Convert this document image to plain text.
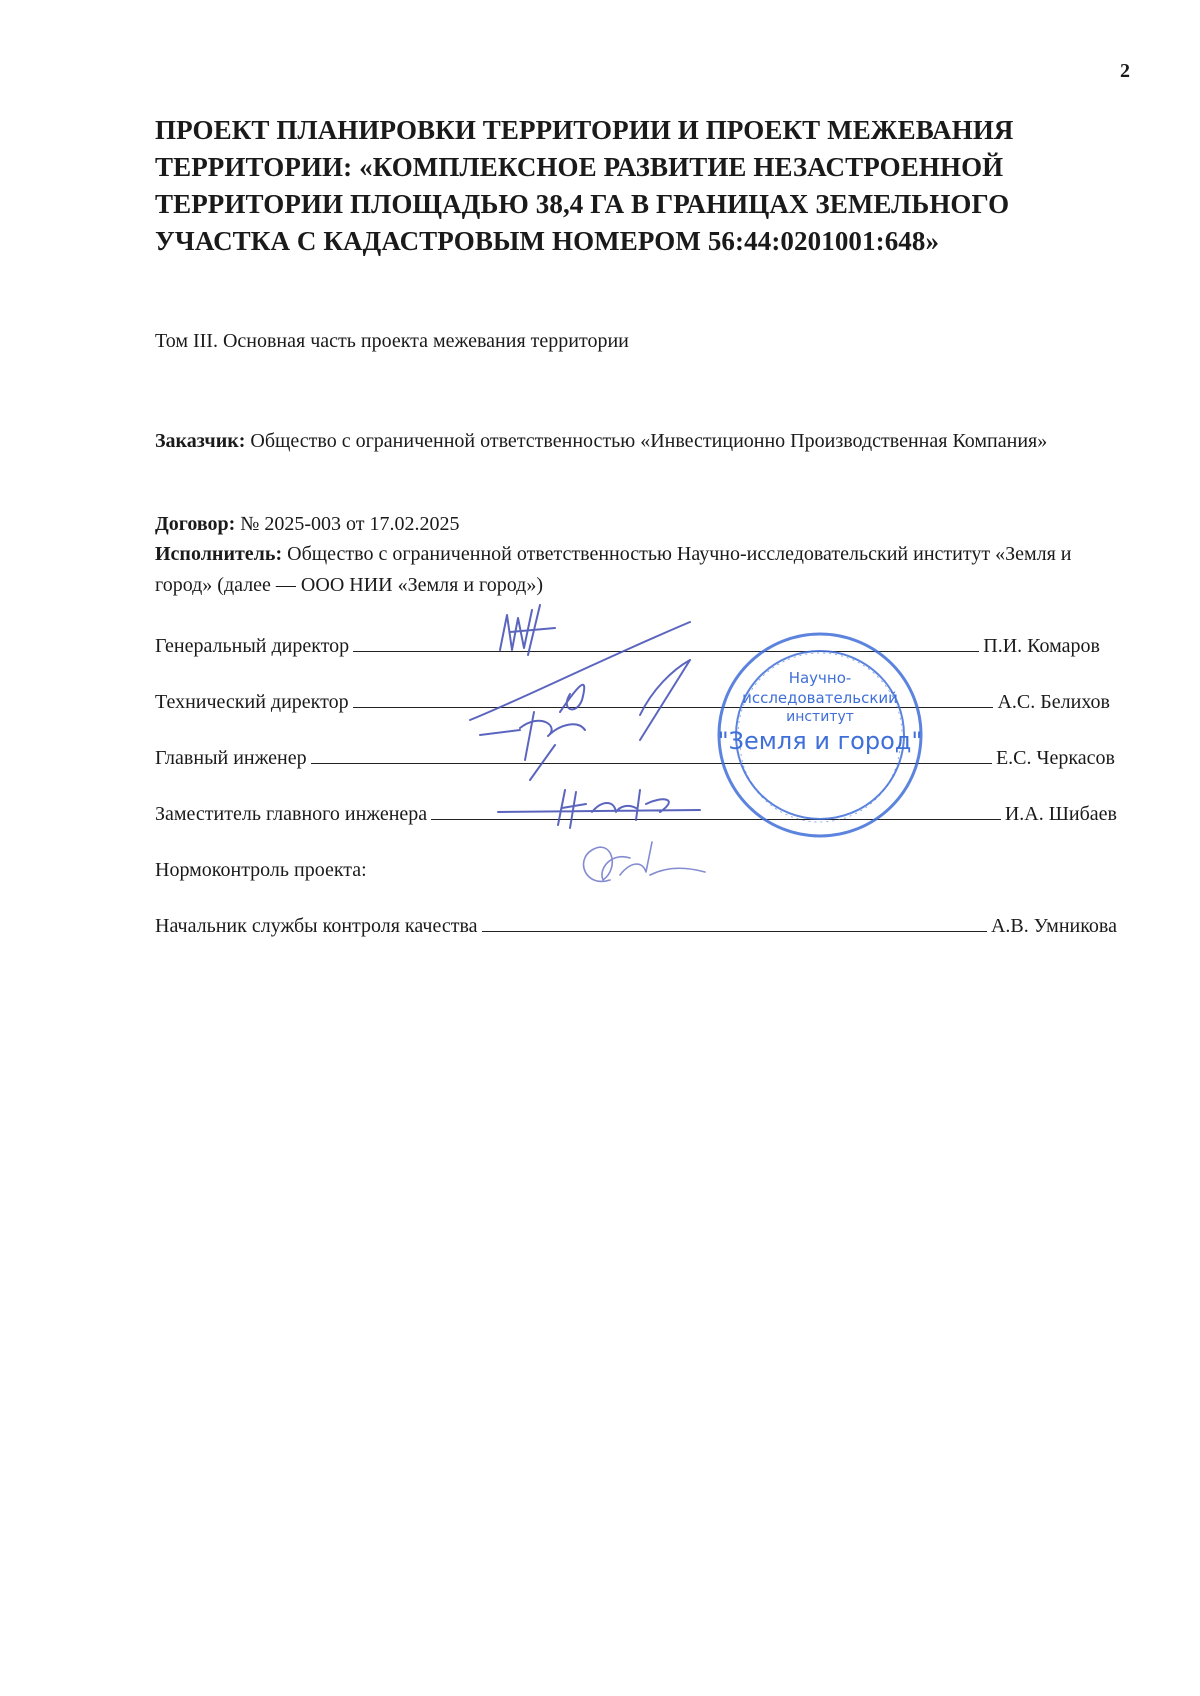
2
ПРОЕКТ ПЛАНИРОВКИ ТЕРРИТОРИИ И ПРОЕКТ МЕЖЕВАНИЯ ТЕРРИТОРИИ: «КОМПЛЕКСНОЕ РАЗВИТИЕ НЕЗАСТРОЕННОЙ ТЕРРИТОРИИ ПЛОЩАДЬЮ 38,4 ГА В ГРАНИЦАХ ЗЕМЕЛЬНОГО УЧАСТКА С КАДАСТРОВЫМ НОМЕРОМ 56:44:0201001:648»
Том III. Основная часть проекта межевания территории
Заказчик: Общество с ограниченной ответственностью «Инвестиционно Производственная Компания»
Договор: № 2025-003 от 17.02.2025
Исполнитель: Общество с ограниченной ответственностью Научно-исследовательский институт «Земля и город» (далее — ООО НИИ «Земля и город»)
Генеральный директор	П.И. Комаров
Технический директор	А.С. Белихов
Главный инженер	Е.С. Черкасов
Заместитель главного инженера	И.А. Шибаев
Нормоконтроль проекта:
Начальник службы контроля качества	А.В. Умникова
Научно-
исследовательский
институт
"Земля и город"
